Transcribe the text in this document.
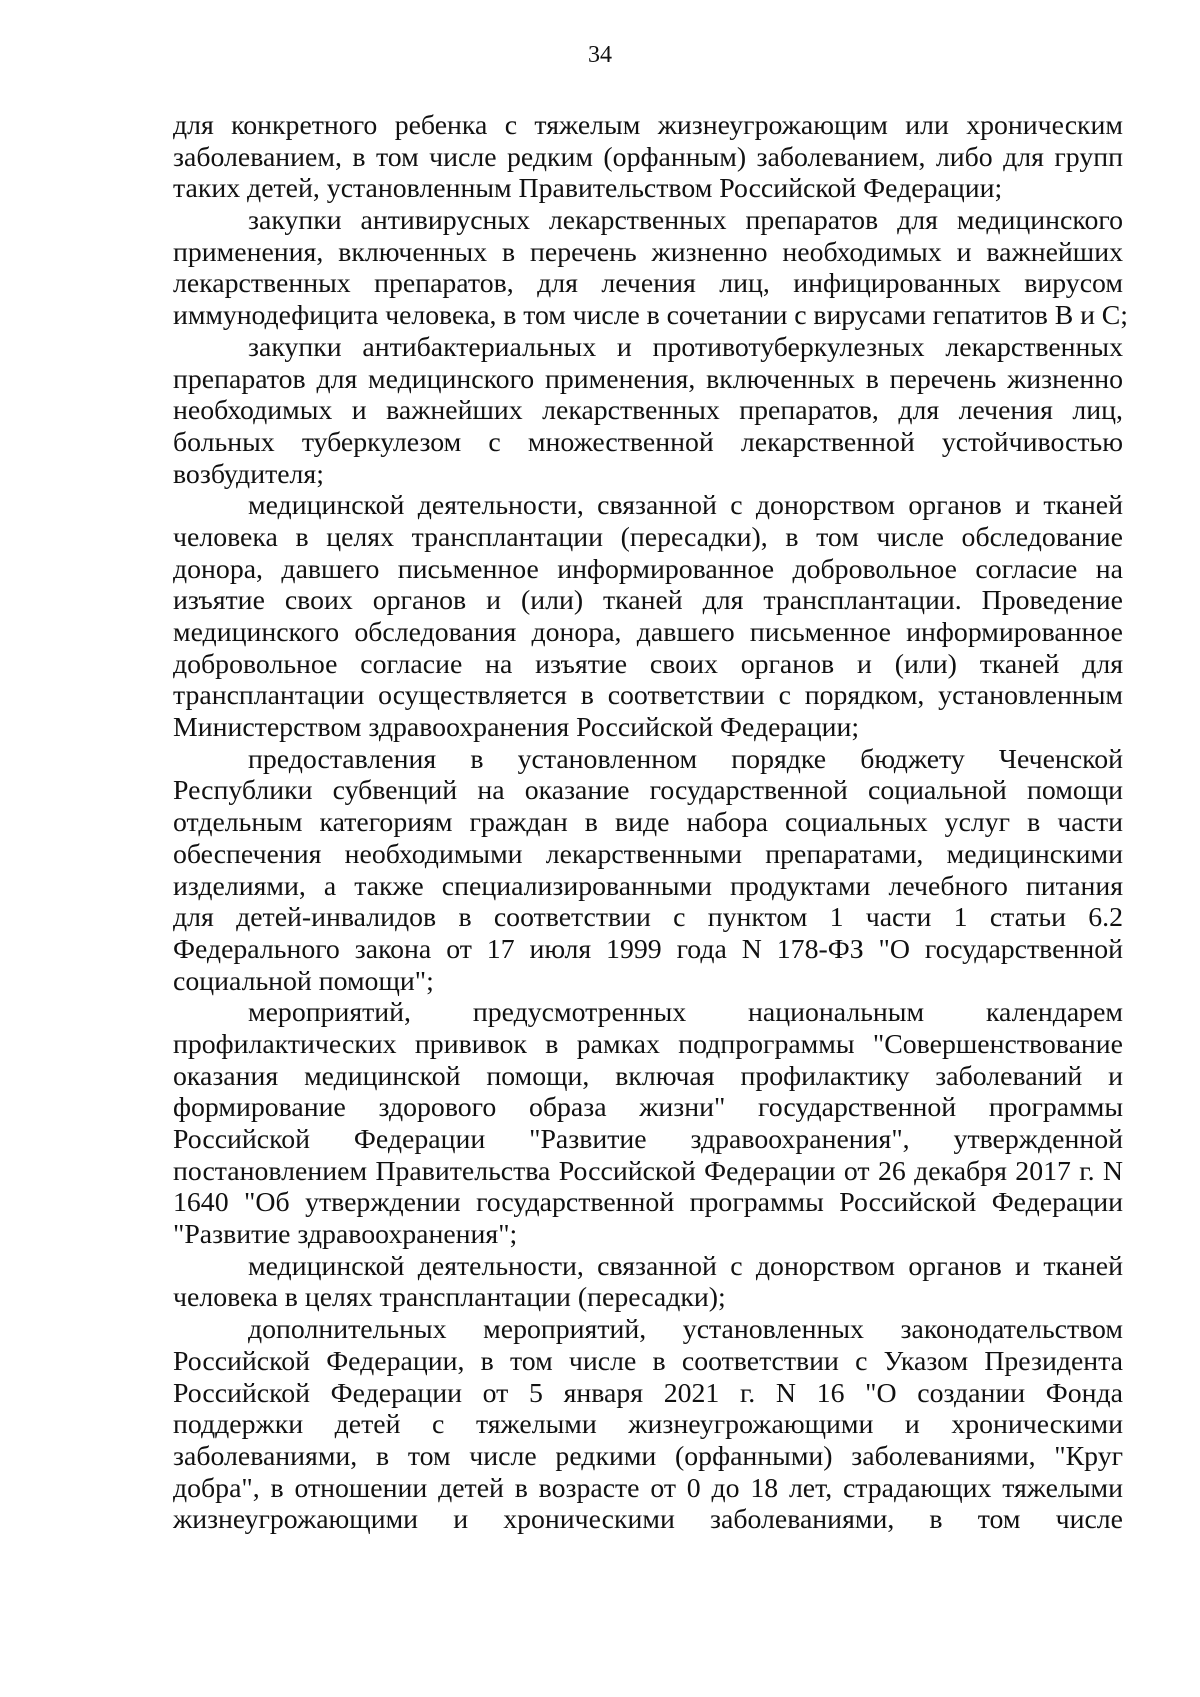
34
для конкретного ребенка с тяжелым жизнеугрожающим или хроническим
заболеванием, в том числе редким (орфанным) заболеванием, либо для групп
таких детей, установленным Правительством Российской Федерации;
закупки антивирусных лекарственных препаратов для медицинского
применения, включенных в перечень жизненно необходимых и важнейших
лекарственных препаратов, для лечения лиц, инфицированных вирусом
иммунодефицита человека, в том числе в сочетании с вирусами гепатитов B и C;
закупки антибактериальных и противотуберкулезных лекарственных
препаратов для медицинского применения, включенных в перечень жизненно
необходимых и важнейших лекарственных препаратов, для лечения лиц,
больных туберкулезом с множественной лекарственной устойчивостью
возбудителя;
медицинской деятельности, связанной с донорством органов и тканей
человека в целях трансплантации (пересадки), в том числе обследование
донора, давшего письменное информированное добровольное согласие на
изъятие своих органов и (или) тканей для трансплантации. Проведение
медицинского обследования донора, давшего письменное информированное
добровольное согласие на изъятие своих органов и (или) тканей для
трансплантации осуществляется в соответствии с порядком, установленным
Министерством здравоохранения Российской Федерации;
предоставления в установленном порядке бюджету Чеченской
Республики субвенций на оказание государственной социальной помощи
отдельным категориям граждан в виде набора социальных услуг в части
обеспечения необходимыми лекарственными препаратами, медицинскими
изделиями, а также специализированными продуктами лечебного питания
для детей-инвалидов в соответствии с пунктом 1 части 1 статьи 6.2
Федерального закона от 17 июля 1999 года N 178-ФЗ "О государственной
социальной помощи";
мероприятий, предусмотренных национальным календарем
профилактических прививок в рамках подпрограммы "Совершенствование
оказания медицинской помощи, включая профилактику заболеваний и
формирование здорового образа жизни" государственной программы
Российской Федерации "Развитие здравоохранения", утвержденной
постановлением Правительства Российской Федерации от 26 декабря 2017 г. N
1640 "Об утверждении государственной программы Российской Федерации
"Развитие здравоохранения";
медицинской деятельности, связанной с донорством органов и тканей
человека в целях трансплантации (пересадки);
дополнительных мероприятий, установленных законодательством
Российской Федерации, в том числе в соответствии с Указом Президента
Российской Федерации от 5 января 2021 г. N 16 "О создании Фонда
поддержки детей с тяжелыми жизнеугрожающими и хроническими
заболеваниями, в том числе редкими (орфанными) заболеваниями, "Круг
добра", в отношении детей в возрасте от 0 до 18 лет, страдающих тяжелыми
жизнеугрожающими и хроническими заболеваниями, в том числе
